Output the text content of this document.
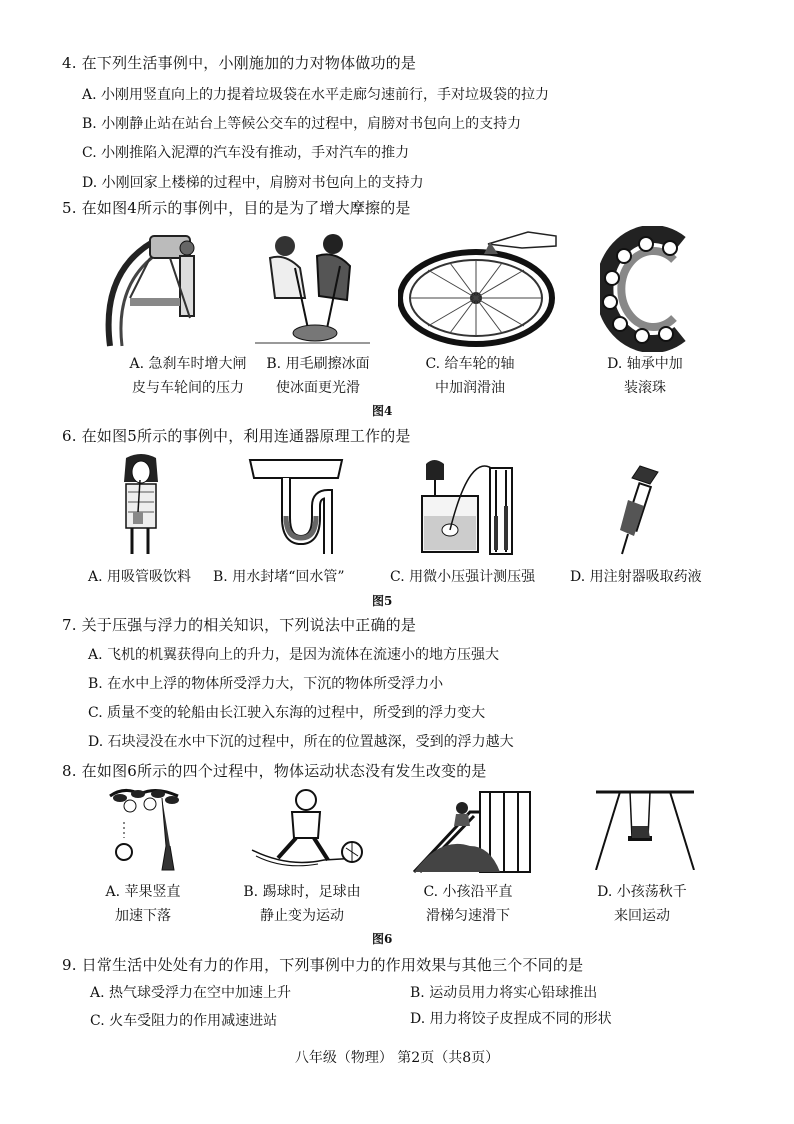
4. 在下列生活事例中，小刚施加的力对物体做功的是
A. 小刚用竖直向上的力提着垃圾袋在水平走廊匀速前行，手对垃圾袋的拉力
B. 小刚静止站在站台上等候公交车的过程中，肩膀对书包向上的支持力
C. 小刚推陷入泥潭的汽车没有推动，手对汽车的推力
D. 小刚回家上楼梯的过程中，肩膀对书包向上的支持力
5. 在如图4所示的事例中，目的是为了增大摩擦的是
A. 急刹车时增大闸
皮与车轮间的压力
B. 用毛刷擦冰面
使冰面更光滑
C. 给车轮的轴
中加润滑油
D. 轴承中加
装滚珠
图4
6. 在如图5所示的事例中，利用连通器原理工作的是
A. 用吸管吸饮料 B. 用水封堵“回水管”	C. 用微小压强计测压强 D. 用注射器吸取药液
图5
7. 关于压强与浮力的相关知识，下列说法中正确的是
A. 飞机的机翼获得向上的升力，是因为流体在流速小的地方压强大
B. 在水中上浮的物体所受浮力大，下沉的物体所受浮力小
C. 质量不变的轮船由长江驶入东海的过程中，所受到的浮力变大
D. 石块浸没在水中下沉的过程中，所在的位置越深，受到的浮力越大
8. 在如图6所示的四个过程中，物体运动状态没有发生改变的是
A. 苹果竖直
加速下落
B. 踢球时，足球由
静止变为运动
C. 小孩沿平直
滑梯匀速滑下
D. 小孩荡秋千
来回运动
图6
9. 日常生活中处处有力的作用，下列事例中力的作用效果与其他三个不同的是
A. 热气球受浮力在空中加速上升	B. 运动员用力将实心铅球推出
C. 火车受阻力的作用减速进站	D. 用力将饺子皮捏成不同的形状
八年级（物理） 第2页（共8页）
